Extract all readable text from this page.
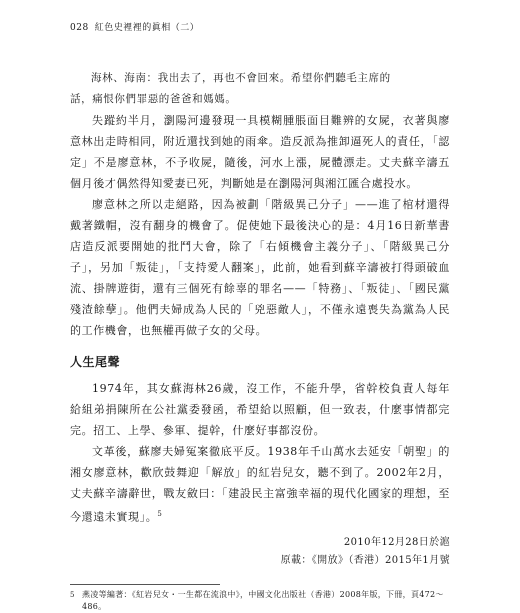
028 紅色史裡裡的眞相（二）

海林、海南：我出去了，再也不會回來。希望你們聽毛主席的

話，痛恨你們罪惡的爸爸和媽媽。

失蹤約半月，瀏陽河邊發現一具模糊腫脹面目難辨的女屍，衣著與廖意林出走時相同，附近還找到她的雨傘。造反派為推卸逼死人的責任，「認定」不是廖意林，不予收屍，隨後，河水上漲，屍體漂走。丈夫蘇辛濤五個月後才偶然得知愛妻已死，判斷她是在瀏陽河與湘江匯合處投水。

廖意林之所以走絕路，因為被劃「階級異己分子」——進了棺材還得戴著鐵帽，沒有翻身的機會了。促使她下最後決心的是：4月16日新華書店造反派要開她的批鬥大會，除了「右傾機會主義分子」、「階級異己分子」，另加「叛徒」，「支持愛人翻案」，此前，她看到蘇辛濤被打得頭破血流、掛牌遊街，還有三個死有餘辜的罪名——「特務」、「叛徒」、「國民黨殘渣餘孽」。他們夫婦成為人民的「兇惡敵人」，不僅永遠喪失為黨為人民的工作機會，也無權再做子女的父母。

人生尾聲

1974年，其女蘇海林26歲，沒工作，不能升學，省幹校負責人每年給組弟捐陳所在公社黨委發函，希望給以照顧，但一致表，什麼事情都完完。招工、上學、參軍、提幹，什麼好事都沒份。

文革後，蘇廖夫婦冤案徹底平反。1938年千山萬水去延安「朝聖」的湘女廖意林，歡欣鼓舞迎「解放」的紅岩兒女，聽不到了。2002年2月，丈夫蘇辛濤辭世，戰友斂曰：「建設民主富強幸福的現代化國家的理想，至今還遠未實現」。$^5$

2010年12月28日於滬
原載：《開放》（香港）2015年1月號
5 燕凌等編著：《紅岩兒女・一生都在流浪中》，中國文化出版社（香港）2008年版，下冊，頁472～486。
